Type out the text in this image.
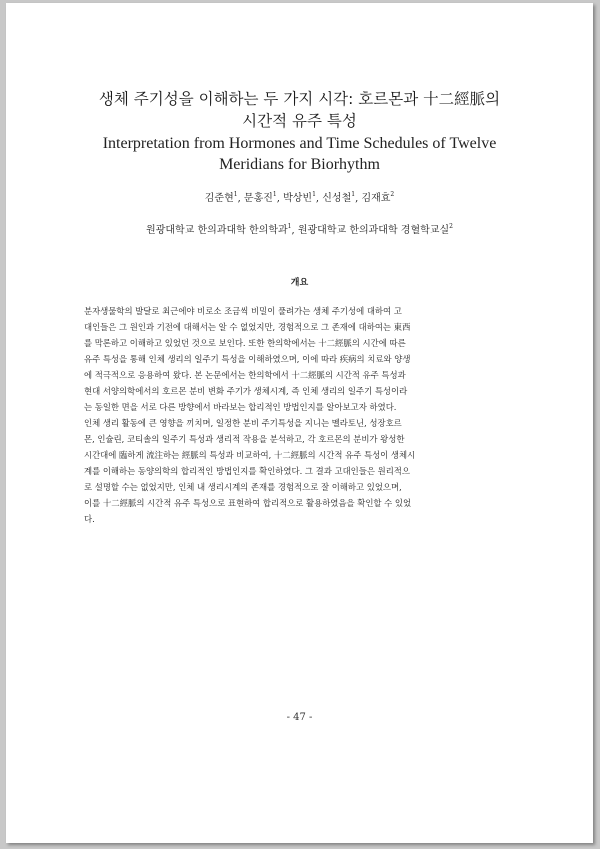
생체 주기성을 이해하는 두 가지 시각: 호르몬과 十二經脈의
시간적 유주 특성
Interpretation from Hormones and Time Schedules of Twelve
Meridians for Biorhythm
김준현$^1$, 문홍진$^1$, 박상빈$^1$, 신성철$^1$, 김재효$^2$
원광대학교 한의과대학 한의학과$^1$, 원광대학교 한의과대학 경혈학교실$^2$
개요
분자생물학의 발달로 최근에야 비로소 조금씩 비밀이 풀려가는 생체 주기성에 대하여 고
대인들은 그 원인과 기전에 대해서는 알 수 없었지만, 경험적으로 그 존재에 대하여는 東西
를 막론하고 이해하고 있었던 것으로 보인다. 또한 한의학에서는 十二經脈의 시간에 따른
유주 특성을 통해 인체 생리의 일주기 특성을 이해하였으며, 이에 따라 疾病의 치료와 양생
에 적극적으로 응용하여 왔다. 본 논문에서는 한의학에서 十二經脈의 시간적 유주 특성과
현대 서양의학에서의 호르몬 분비 변화 주기가 생체시계, 즉 인체 생리의 일주기 특성이라
는 동일한 면을 서로 다른 방향에서 바라보는 합리적인 방법인지를 알아보고자 하였다.
인체 생리 활동에 큰 영향을 끼치며, 일정한 분비 주기특성을 지니는 멜라토닌, 성장호르
몬, 인슐린, 코티솔의 일주기 특성과 생리적 작용을 분석하고, 각 호르몬의 분비가 왕성한
시간대에 臨하게 流注하는 經脈의 특성과 비교하여, 十二經脈의 시간적 유주 특성이 생체시
계를 이해하는 동양의학의 합리적인 방법인지를 확인하였다. 그 결과 고대인들은 원리적으
로 설명할 수는 없었지만, 인체 내 생리시계의 존재를 경험적으로 잘 이해하고 있었으며,
이를 十二經脈의 시간적 유주 특성으로 표현하여 합리적으로 활용하였음을 확인할 수 있었
다.
- 47 -
